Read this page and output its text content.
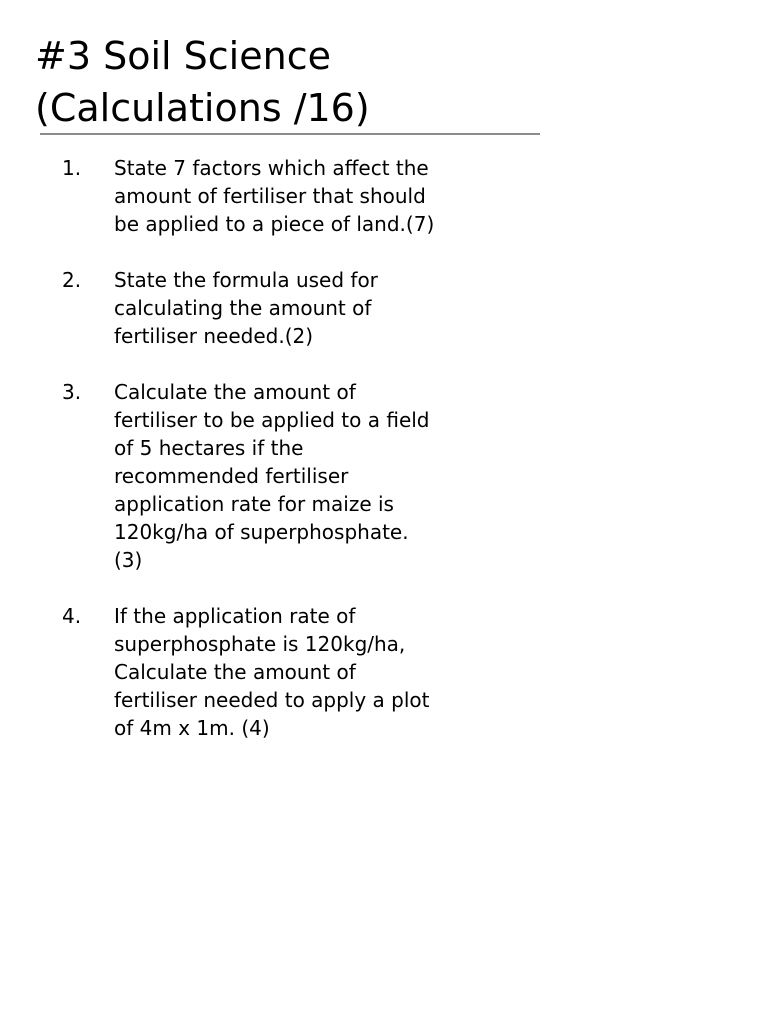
#3 Soil Science
(Calculations /16)
1.	State 7 factors which affect the
amount of fertiliser that should
be applied to a piece of land.(7)
2.	State the formula used for
calculating the amount of
fertiliser needed.(2)
3.	Calculate the amount of
fertiliser to be applied to a field
of 5 hectares if the
recommended fertiliser
application rate for maize is
120kg/ha of superphosphate.
(3)
4.	If the application rate of
superphosphate is 120kg/ha,
Calculate the amount of
fertiliser needed to apply a plot
of 4m x 1m. (4)
